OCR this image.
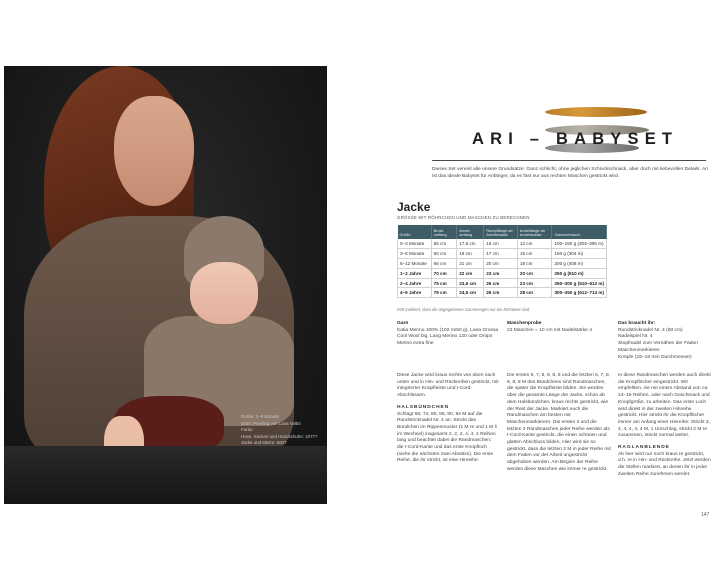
Größe: 3–6 Monate
Garn: Peerling von Lana Valbö
Farbe:
Hose, Socken und Handschuhe: 1077?
Jacke und Mütze: 600?

ARI – BABYSET
Dieses Set vereint alle unsere Grundsätze: Ganz schlicht, ohne jeglichen Schnickschnack, aber doch mit liebevollen Details. Ari ist das ideale Babyset für Anfänger, da es fast nur aus rechten Maschen gestrickt wird.
Jacke
GRÖSSE MIT RÖHRCHEN UND MASCHEN ZU BERECHNEN
Größe	Brust-umfang	Armel-umfang	Rumpflänge ab Armelansatz	Armellänge ab Armelansatz	Garnverbrauch
0–3 Monate	55 cm	17,5 cm	15 cm	12 cm	100–150 g (304–306 m)
3–6 Monate	60 cm	19 cm	17 cm	15 cm	150 g (304 m)
6–12 Monate	66 cm	21 cm	20 cm	18 cm	200 g (408 m)
1–2 Jahre	70 cm	22 cm	23 cm	20 cm	250 g (510 m)
2–4 Jahre	75 cm	23,5 cm	26 cm	23 cm	250–300 g (510–612 m)
4–6 Jahre	79 cm	24,5 cm	26 cm	28 cm	300–350 g (612–714 m)
Fett markiert, dass die angegebenen Garnmengen nur ein Richtwert sind.
Garn
Katia Merino 100% (102 m/50 g), Lana Grossa Cool Wool big, Lang Merino 120 oder Drops Merino extra fine
Maschenprobe
23 Maschen = 10 cm mit Nadelstärke 4
Das braucht ihr:
Rundstricknadel Nr. 4 (60 cm)
Nadelspiel Nr. 4
Stopfnadel zum Vernähen der Fäden
Maschenmarkieren
Knöpfe (15–18 mm Durchmesser)
Diese Jacke wird kraus rechts von oben nach unten und in Hin- und Rückreihen gestrickt, mit integrierter Knopfleiste und I-Cord-Abschlüssen.
HALSBÜNDCHEN
Schlagt 68, 74, 80, 86, 90, 94 M auf die Rundstricknadel Nr. 4 an. Strickt das Bündchen im Rippenmuster (1 M re und 1 M li im Wechsel) insgesamt 2, 2, 2, 4, 4, 4 Reihen lang und beachtet dabei die Randmaschen: die I-Cord-Kante und das erste Knopfloch (siehe die nächsten zwei Absätze). Die erste Reihe, die ihr strickt, ist eine Hinreihe.
Die ersten 6, 7, 8, 8, 8, 8 und die letzten 6, 7, 8, 8, 8, 8 M des Bündchens sind Randmaschen, die später die Knopfleiste bilden. Sie werden über die gesamte Länge der Jacke, schon ab dem Halsbündchen, kraus rechts gestrickt, wie der Rest der Jacke. Markiert euch die Randmaschen am besten mit Maschenmarkierern. Die ersten 2 und die letzten 2 Randmaschen jeder Reihe werden als I-Cord-Kante gestrickt, die einen schönen und glatten Abschluss bilden. Hier wird sie so gestrickt, dass die letzten 2 M in jeder Reihe mit dem Faden vor der Arbeit ungestrickt abgehoben werden. Am Beginn der Reihe werden diese Maschen wie immer re gestrickt.
In diese Randmaschen werden auch direkt die Knopflöcher eingestrickt. Wir empfehlen, sie mit einem Abstand von ca. 14–16 Reihen, oder nach Geschmack und Knopfgröße, zu arbeiten. Das erste Loch wird direkt in der zweiten Hinreihe gestrickt. Hier strickt ihr die Knopflöcher immer am Anfang einer Hinreihe: Strickt 3, 4, 4, 4, 4, 4 M, 1 Umschlag, strickt 2 M re zusammen, strickt normal weiter.
RAGLANBLENDE
Ab hier wird nur noch kraus re gestrickt, d.h. re in Hin- und Rückreihe. Jetzt werden die Stellen markiert, an denen ihr in jeder zweiten Reihe zunehmen werdet.
147
